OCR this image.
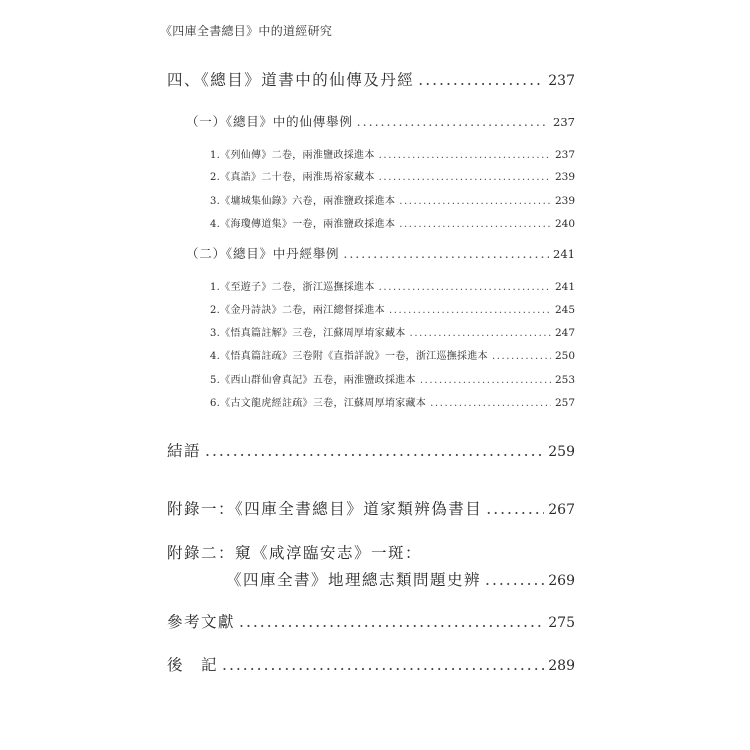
《四庫全書總目》中的道經研究
四、《總目》道書中的仙傳及丹經 .....	237
（一）《總目》中的仙傳舉例 .....	237
1.《列仙傳》二卷，兩淮鹽政採進本 .....	237
2.《真誥》二十卷，兩淮馬裕家藏本 .....	239
3.《墉城集仙錄》六卷，兩淮鹽政採進本 .....	239
4.《海瓊傳道集》一卷，兩淮鹽政採進本 .....	240
（二）《總目》中丹經舉例 .....	241
1.《至遊子》二卷，浙江巡撫採進本 .....	241
2.《金丹詩訣》二卷，兩江總督採進本 .....	245
3.《悟真篇註解》三卷，江蘇周厚堉家藏本 .....	247
4.《悟真篇註疏》三卷附《直指詳說》一卷，浙江巡撫採進本 .....	250
5.《西山群仙會真記》五卷，兩淮鹽政採進本 .....	253
6.《古文龍虎經註疏》三卷，江蘇周厚堉家藏本 .....	257
結語 .....	259
附錄一：《四庫全書總目》道家類辨偽書目 .....	267
附錄二：窺《咸淳臨安志》一斑：
《四庫全書》地理總志類問題史辨 .....	269
參考文獻 .....	275
後　記 .....	289
